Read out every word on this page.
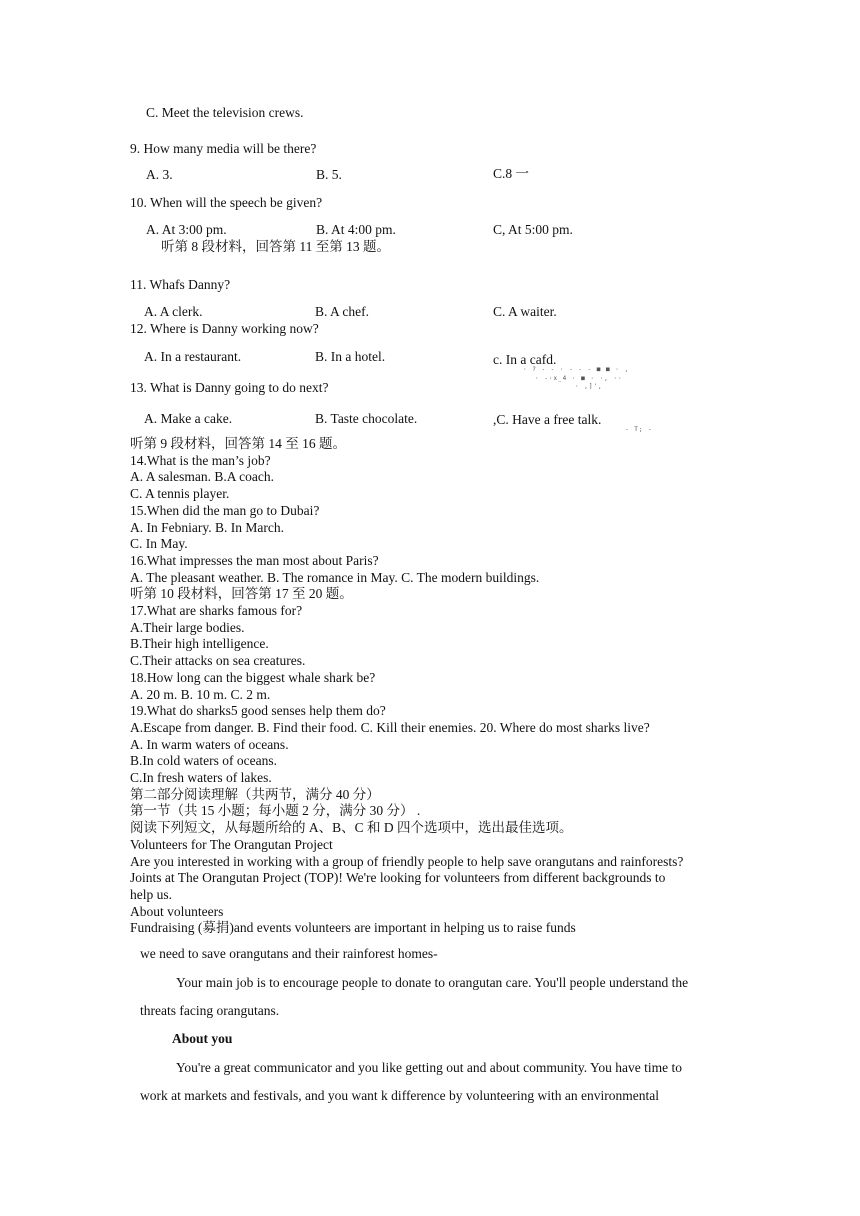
C. Meet the television crews.
9. How many media will be there?
A. 3.	B. 5.	C.8 一
10. When will the speech be given?
A. At 3:00 pm.	B. At 4:00 pm.	C, At 5:00 pm.
听第 8 段材料，回答第 11 至第 13 题。
11. Whafs Danny?
A. A clerk.	B. A chef.	C. A waiter.
12. Where is Danny working now?
A. In a restaurant.	B. In a hotel.	c. In a cafd.
· ? - - · - - - ■ ■ · ,
· -·x_4 · ■ · ·, ··
· ,]',
13. What is Danny going to do next?
A. Make a cake.	B. Taste chocolate.	,C. Have a free talk.
- T; -
听第 9 段材料，回答第 14 至 16 题。
14.What is the man’s job?
A. A salesman. B.A coach.
C. A tennis player.
15.When did the man go to Dubai?
A. In Febniary. B. In March.
C. In May.
16.What impresses the man most about Paris?
A. The pleasant weather. B. The romance in May. C. The modern buildings.
听第 10 段材料，回答第 17 至 20 题。
17.What are sharks famous for?
A.Their large bodies.
B.Their high intelligence.
C.Their attacks on sea creatures.
18.How long can the biggest whale shark be?
A. 20 m. B. 10 m. C. 2 m.
19.What do sharks5 good senses help them do?
A.Escape from danger. B. Find their food. C. Kill their enemies. 20. Where do most sharks live?
A. In warm waters of oceans.
B.In cold waters of oceans.
C.In fresh waters of lakes.
第二部分阅读理解（共两节，满分 40 分）
第一节（共 15 小题；每小题 2 分，满分 30 分） .
阅读下列短文，从每题所给的 A、B、C 和 D 四个选项中，选出最佳选项。
Volunteers for The Orangutan Project
Are you interested in working with a group of friendly people to help save orangutans and rainforests?
Joints at The Orangutan Project (TOP)! We're looking for volunteers from different backgrounds to
help us.
About volunteers
Fundraising (募捐)and events volunteers are important in helping us to raise funds
we need to save orangutans and their rainforest homes-
Your main job is to encourage people to donate to orangutan care. You'll people understand the
threats facing orangutans.
About you
You're a great communicator and you like getting out and about community. You have time to
work at markets and festivals, and you want k difference by volunteering with an environmental
